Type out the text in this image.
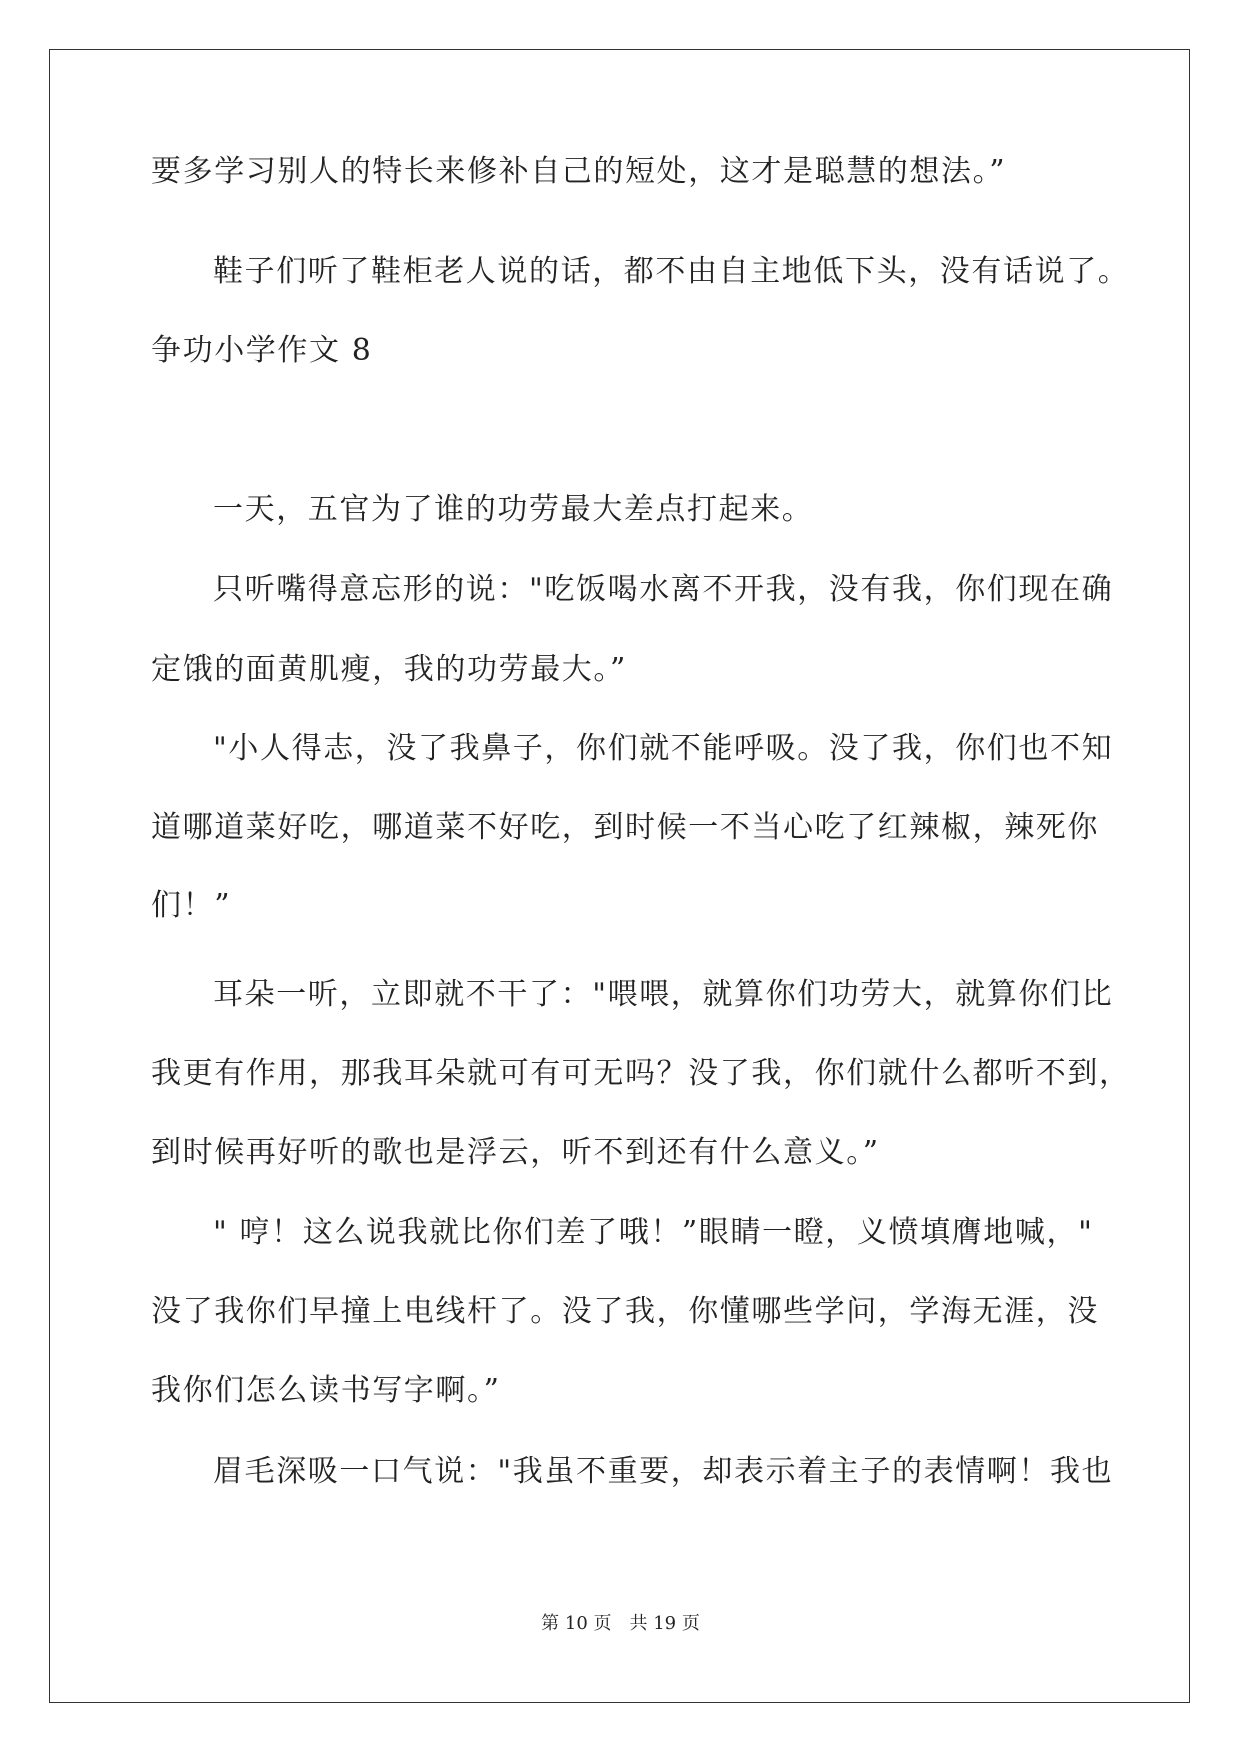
要多学习别人的特长来修补自己的短处，这才是聪慧的想法。”
鞋子们听了鞋柜老人说的话，都不由自主地低下头，没有话说了。
争功小学作文 8
一天，五官为了谁的功劳最大差点打起来。
只听嘴得意忘形的说："吃饭喝水离不开我，没有我，你们现在确
定饿的面黄肌瘦，我的功劳最大。”
"小人得志，没了我鼻子，你们就不能呼吸。没了我，你们也不知
道哪道菜好吃，哪道菜不好吃，到时候一不当心吃了红辣椒，辣死你
们！”
耳朵一听，立即就不干了："喂喂，就算你们功劳大，就算你们比
我更有作用，那我耳朵就可有可无吗？没了我，你们就什么都听不到，
到时候再好听的歌也是浮云，听不到还有什么意义。”
" 哼！这么说我就比你们差了哦！”眼睛一瞪，义愤填膺地喊，"
没了我你们早撞上电线杆了。没了我，你懂哪些学问，学海无涯，没
我你们怎么读书写字啊。”
眉毛深吸一口气说："我虽不重要，却表示着主子的表情啊！我也
第 10 页 共 19 页
